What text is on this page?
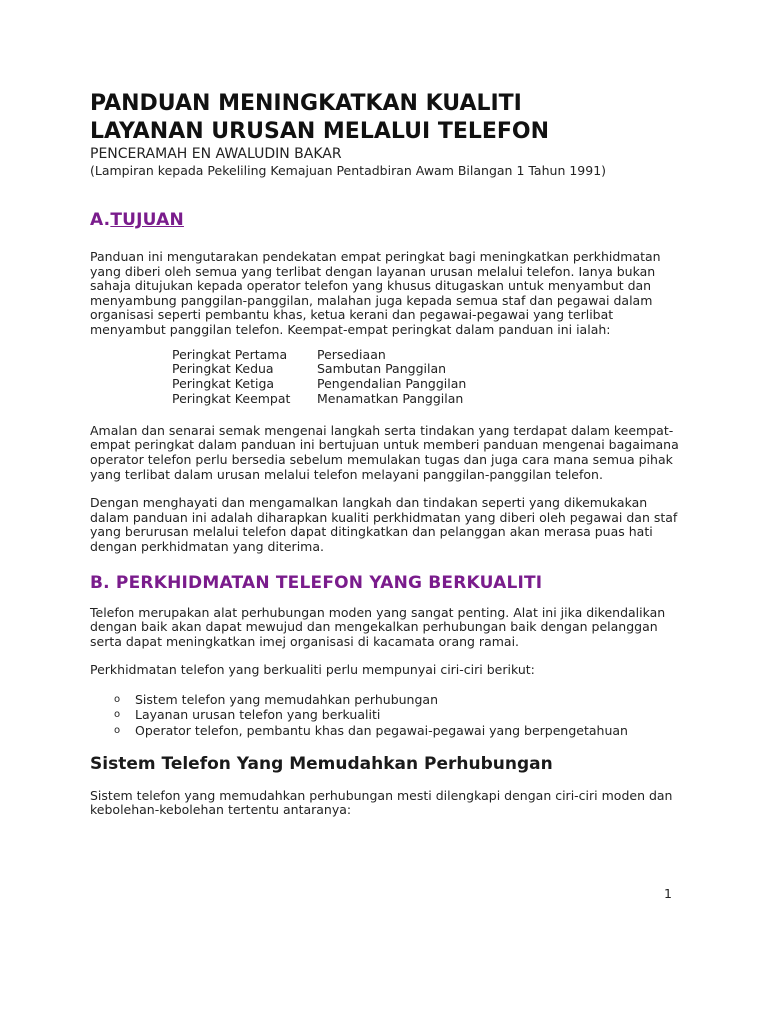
PANDUAN MENINGKATKAN KUALITI
LAYANAN URUSAN MELALUI TELEFON
PENCERAMAH EN AWALUDIN BAKAR
(Lampiran kepada Pekeliling Kemajuan Pentadbiran Awam Bilangan 1 Tahun 1991)
A.TUJUAN

Panduan ini mengutarakan pendekatan empat peringkat bagi meningkatkan perkhidmatan yang diberi oleh semua yang terlibat dengan layanan urusan melalui telefon. Ianya bukan sahaja ditujukan kepada operator telefon yang khusus ditugaskan untuk menyambut dan menyambung panggilan-panggilan, malahan juga kepada semua staf dan pegawai dalam organisasi seperti pembantu khas, ketua kerani dan pegawai-pegawai yang terlibat menyambut panggilan telefon. Keempat-empat peringkat dalam panduan ini ialah:

Peringkat Pertama	Persediaan
Peringkat Kedua	Sambutan Panggilan
Peringkat Ketiga	Pengendalian Panggilan
Peringkat Keempat	Menamatkan Panggilan

Amalan dan senarai semak mengenai langkah serta tindakan yang terdapat dalam keempat-empat peringkat dalam panduan ini bertujuan untuk memberi panduan mengenai bagaimana operator telefon perlu bersedia sebelum memulakan tugas dan juga cara mana semua pihak yang terlibat dalam urusan melalui telefon melayani panggilan-panggilan telefon.

Dengan menghayati dan mengamalkan langkah dan tindakan seperti yang dikemukakan dalam panduan ini adalah diharapkan kualiti perkhidmatan yang diberi oleh pegawai dan staf yang berurusan melalui telefon dapat ditingkatkan dan pelanggan akan merasa puas hati dengan perkhidmatan yang diterima.

B. PERKHIDMATAN TELEFON YANG BERKUALITI

Telefon merupakan alat perhubungan moden yang sangat penting. Alat ini jika dikendalikan dengan baik akan dapat mewujud dan mengekalkan perhubungan baik dengan pelanggan serta dapat meningkatkan imej organisasi di kacamata orang ramai.

Perkhidmatan telefon yang berkualiti perlu mempunyai ciri-ciri berikut:

o	Sistem telefon yang memudahkan perhubungan
o	Layanan urusan telefon yang berkualiti
o	Operator telefon, pembantu khas dan pegawai-pegawai yang berpengetahuan
Sistem Telefon Yang Memudahkan Perhubungan

Sistem telefon yang memudahkan perhubungan mesti dilengkapi dengan ciri-ciri moden dan kebolehan-kebolehan tertentu antaranya:

1
